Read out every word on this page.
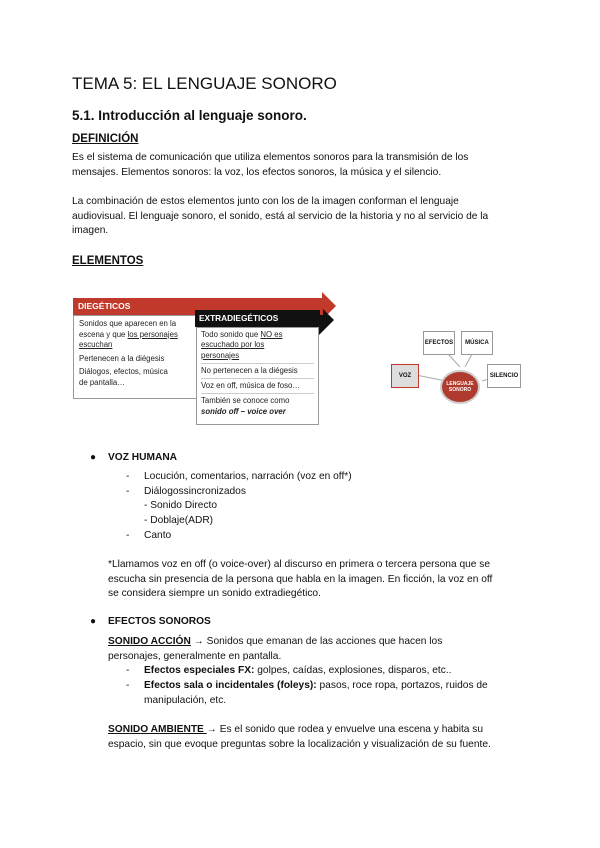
TEMA 5: EL LENGUAJE SONORO
5.1. Introducción al lenguaje sonoro.
DEFINICIÓN
Es el sistema de comunicación que utiliza elementos sonoros para la transmisión de los
mensajes. Elementos sonoros: la voz, los efectos sonoros, la música y el silencio.
La combinación de estos elementos junto con los de la imagen conforman el lenguaje
audiovisual. El lenguaje sonoro, el sonido, está al servicio de la historia y no al servicio de la
imagen.
ELEMENTOS
DIEGÉTICOS
Sonidos que aparecen en la
escena y que los personajes
escuchan
Pertenecen a la diégesis
Diálogos, efectos, música
de pantalla…
EXTRADIEGÉTICOS
Todo sonido que NO es
escuchado por los
personajes
No pertenecen a la diégesis
Voz en off, música de foso…
También se conoce como
sonido off – voice over
EFECTOS	MÚSICA
VOZ	SILENCIO
LENGUAJE SONORO
● VOZ HUMANA
- Locución, comentarios, narración (voz en off*)
- Diálogossincronizados
- Sonido Directo
- Doblaje(ADR)
- Canto
*Llamamos voz en off (o voice-over) al discurso en primera o tercera persona que se
escucha sin presencia de la persona que habla en la imagen. En ficción, la voz en off
se considera siempre un sonido extradiegético.
● EFECTOS SONOROS
SONIDO ACCIÓN → Sonidos que emanan de las acciones que hacen los
personajes, generalmente en pantalla.
- Efectos especiales FX: golpes, caídas, explosiones, disparos, etc..
- Efectos sala o incidentales (foleys): pasos, roce ropa, portazos, ruidos de
manipulación, etc.
SONIDO AMBIENTE → Es el sonido que rodea y envuelve una escena y habita su
espacio, sin que evoque preguntas sobre la localización y visualización de su fuente.
